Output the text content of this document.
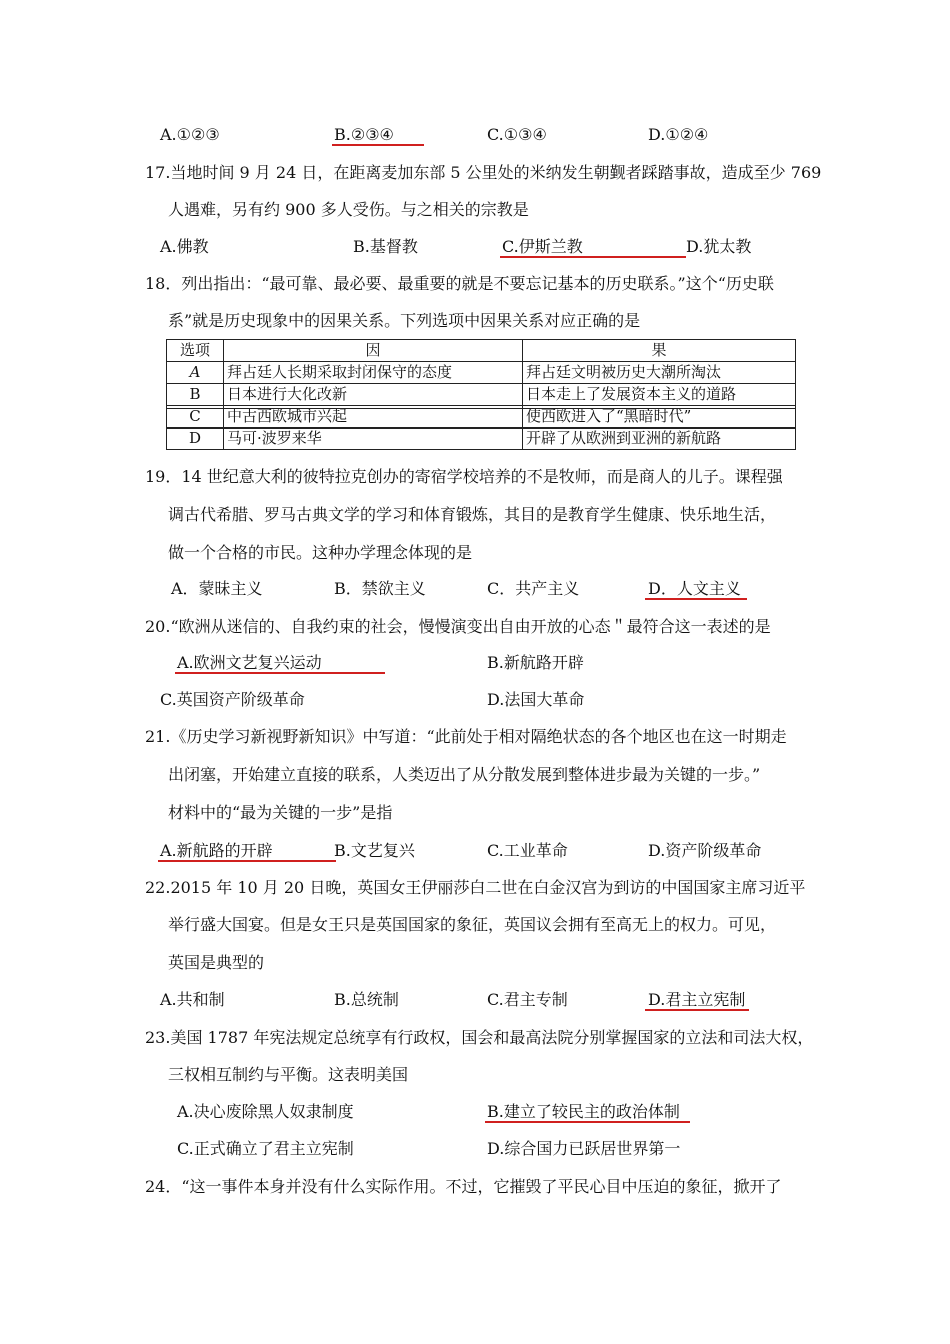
A.①②③	B.②③④	C.①③④	D.①②④
17.当地时间 9 月 24 日，在距离麦加东部 5 公里处的米纳发生朝觐者踩踏事故，造成至少 769
人遇难，另有约 900 多人受伤。与之相关的宗教是
A.佛教	B.基督教	C.伊斯兰教	D.犹太教
18．列出指出：“最可靠、最必要、最重要的就是不要忘记基本的历史联系。”这个“历史联
系”就是历史现象中的因果关系。下列选项中因果关系对应正确的是
选项	因	果
A	拜占廷人长期采取封闭保守的态度	拜占廷文明被历史大潮所淘汰
B	日本进行大化改新	日本走上了发展资本主义的道路
C	中古西欧城市兴起	使西欧进入了“黑暗时代”
D	马可·波罗来华	开辟了从欧洲到亚洲的新航路
19．14 世纪意大利的彼特拉克创办的寄宿学校培养的不是牧师，而是商人的儿子。课程强
调古代希腊、罗马古典文学的学习和体育锻炼，其目的是教育学生健康、快乐地生活，
做一个合格的市民。这种办学理念体现的是
A．蒙昧主义	B．禁欲主义	C．共产主义	D．人文主义
20.“欧洲从迷信的、自我约束的社会，慢慢演变出自由开放的心态＂最符合这一表述的是
A.欧洲文艺复兴运动	B.新航路开辟
C.英国资产阶级革命	D.法国大革命
21.《历史学习新视野新知识》中写道：“此前处于相对隔绝状态的各个地区也在这一时期走
出闭塞，开始建立直接的联系，人类迈出了从分散发展到整体进步最为关键的一步。”
材料中的“最为关键的一步”是指
A.新航路的开辟	B.文艺复兴	C.工业革命	D.资产阶级革命
22.2015 年 10 月 20 日晚，英国女王伊丽莎白二世在白金汉宫为到访的中国国家主席习近平
举行盛大国宴。但是女王只是英国国家的象征，英国议会拥有至高无上的权力。可见，
英国是典型的
A.共和制	B.总统制	C.君主专制	D.君主立宪制
23.美国 1787 年宪法规定总统享有行政权，国会和最高法院分别掌握国家的立法和司法大权，
三权相互制约与平衡。这表明美国
A.决心废除黑人奴隶制度	B.建立了较民主的政治体制
C.正式确立了君主立宪制	D.综合国力已跃居世界第一
24．“这一事件本身并没有什么实际作用。不过，它摧毁了平民心目中压迫的象征，掀开了
